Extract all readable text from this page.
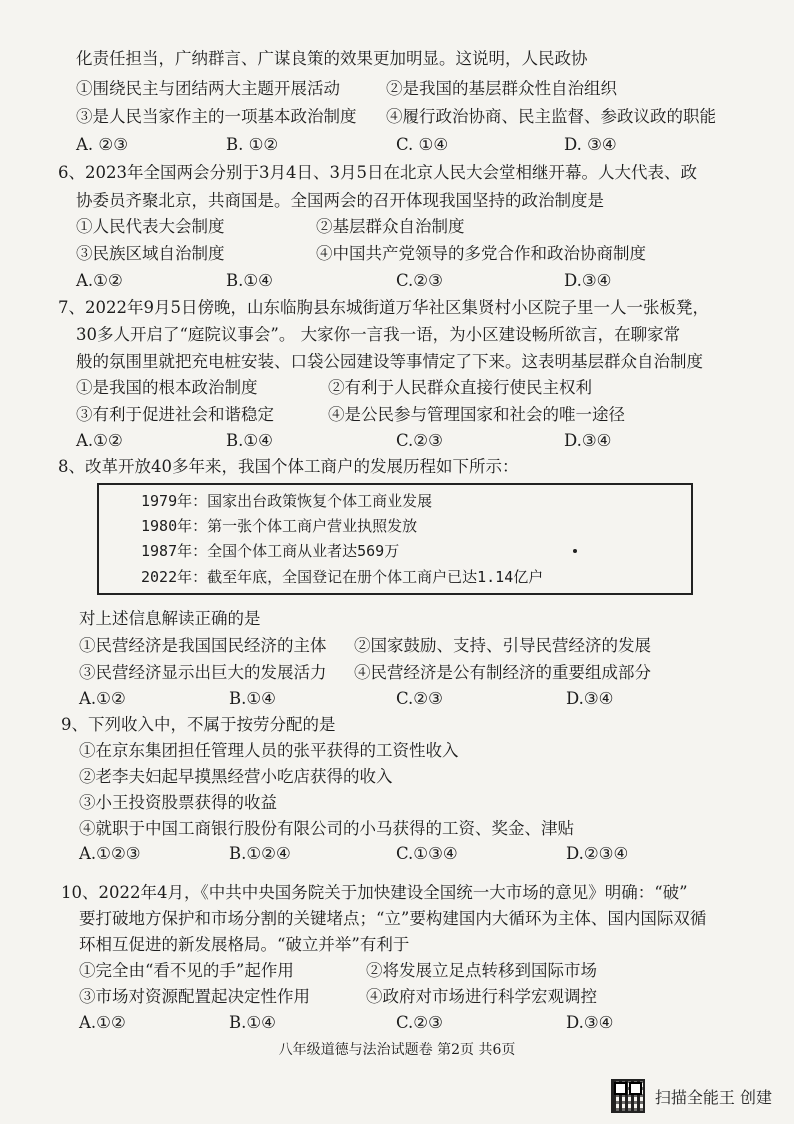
化责任担当，广纳群言、广谋良策的效果更加明显。这说明，人民政协
①围绕民主与团结两大主题开展活动	②是我国的基层群众性自治组织
③是人民当家作主的一项基本政治制度 ④履行政治协商、民主监督、参政议政的职能
A. ②③	B. ①②	C. ①④	D. ③④
6、2023年全国两会分别于3月4日、3月5日在北京人民大会堂相继开幕。人大代表、政
协委员齐聚北京，共商国是。全国两会的召开体现我国坚持的政治制度是
①人民代表大会制度	②基层群众自治制度
③民族区域自治制度	④中国共产党领导的多党合作和政治协商制度
A.①②	B.①④	C.②③	D.③④
7、2022年9月5日傍晚，山东临朐县东城街道万华社区集贤村小区院子里一人一张板凳，
30多人开启了“庭院议事会”。 大家你一言我一语，为小区建设畅所欲言，在聊家常
般的氛围里就把充电桩安装、口袋公园建设等事情定了下来。这表明基层群众自治制度
①是我国的根本政治制度	②有利于人民群众直接行使民主权利
③有利于促进社会和谐稳定	④是公民参与管理国家和社会的唯一途径
A.①②	B.①④	C.②③	D.③④
8、改革开放40多年来，我国个体工商户的发展历程如下所示：
1979年：国家出台政策恢复个体工商业发展
1980年：第一张个体工商户营业执照发放
1987年：全国个体工商从业者达569万
2022年：截至年底，全国登记在册个体工商户已达1.14亿户
对上述信息解读正确的是
①民营经济是我国国民经济的主体 ②国家鼓励、支持、引导民营经济的发展
③民营经济显示出巨大的发展活力 ④民营经济是公有制经济的重要组成部分
A.①②	B.①④	C.②③	D.③④
9、下列收入中，不属于按劳分配的是
①在京东集团担任管理人员的张平获得的工资性收入
②老李夫妇起早摸黑经营小吃店获得的收入
③小王投资股票获得的收益
④就职于中国工商银行股份有限公司的小马获得的工资、奖金、津贴
A.①②③	B.①②④	C.①③④	D.②③④
10、2022年4月，《中共中央国务院关于加快建设全国统一大市场的意见》明确：“破”
要打破地方保护和市场分割的关键堵点；“立”要构建国内大循环为主体、国内国际双循
环相互促进的新发展格局。“破立并举”有利于
①完全由“看不见的手”起作用	②将发展立足点转移到国际市场
③市场对资源配置起决定性作用	④政府对市场进行科学宏观调控
A.①②	B.①④	C.②③	D.③④
八年级道德与法治试题卷 第2页 共6页
扫描全能王 创建
